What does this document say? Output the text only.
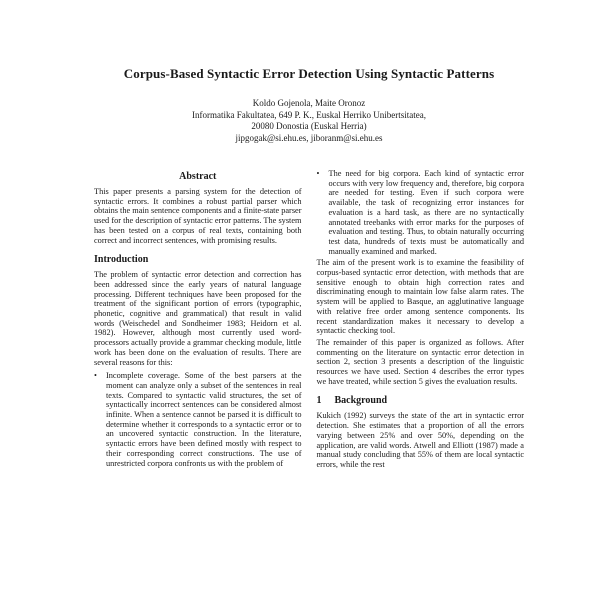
Corpus-Based Syntactic Error Detection Using Syntactic Patterns
Koldo Gojenola, Maite Oronoz
Informatika Fakultatea, 649 P. K., Euskal Herriko Unibertsitatea,
20080 Donostia (Euskal Herria)
jipgogak@si.ehu.es, jiboranm@si.ehu.es
Abstract

This paper presents a parsing system for the detection of syntactic errors. It combines a robust partial parser which obtains the main sentence components and a finite-state parser used for the description of syntactic error patterns. The system has been tested on a corpus of real texts, containing both correct and incorrect sentences, with promising results.

Introduction

The problem of syntactic error detection and correction has been addressed since the early years of natural language processing. Different techniques have been proposed for the treatment of the significant portion of errors (typographic, phonetic, cognitive and grammatical) that result in valid words (Weischedel and Sondheimer 1983; Heidorn et al. 1982). However, although most currently used word-processors actually provide a grammar checking module, little work has been done on the evaluation of results. There are several reasons for this:

•	Incomplete coverage. Some of the best parsers at the moment can analyze only a subset of the sentences in real texts. Compared to syntactic valid structures, the set of syntactically incorrect sentences can be considered almost infinite. When a sentence cannot be parsed it is difficult to determine whether it corresponds to a syntactic error or to an uncovered syntactic construction. In the literature, syntactic errors have been defined mostly with respect to their corresponding correct constructions. The use of unrestricted corpora confronts us with the problem of

•	The need for big corpora. Each kind of syntactic error occurs with very low frequency and, therefore, big corpora are needed for testing. Even if such corpora were available, the task of recognizing error instances for evaluation is a hard task, as there are no syntactically annotated treebanks with error marks for the purposes of evaluation and testing. Thus, to obtain naturally occurring test data, hundreds of texts must be automatically and manually examined and marked.

The aim of the present work is to examine the feasibility of corpus-based syntactic error detection, with methods that are sensitive enough to obtain high correction rates and discriminating enough to maintain low false alarm rates. The system will be applied to Basque, an agglutinative language with relative free order among sentence components. Its recent standardization makes it necessary to develop a syntactic checking tool.

The remainder of this paper is organized as follows. After commenting on the literature on syntactic error detection in section 2, section 3 presents a description of the linguistic resources we have used. Section 4 describes the error types we have treated, while section 5 gives the evaluation results.

1 Background

Kukich (1992) surveys the state of the art in syntactic error detection. She estimates that a proportion of all the errors varying between 25% and over 50%, depending on the application, are valid words. Atwell and Elliott (1987) made a manual study concluding that 55% of them are local syntactic errors, while the rest
